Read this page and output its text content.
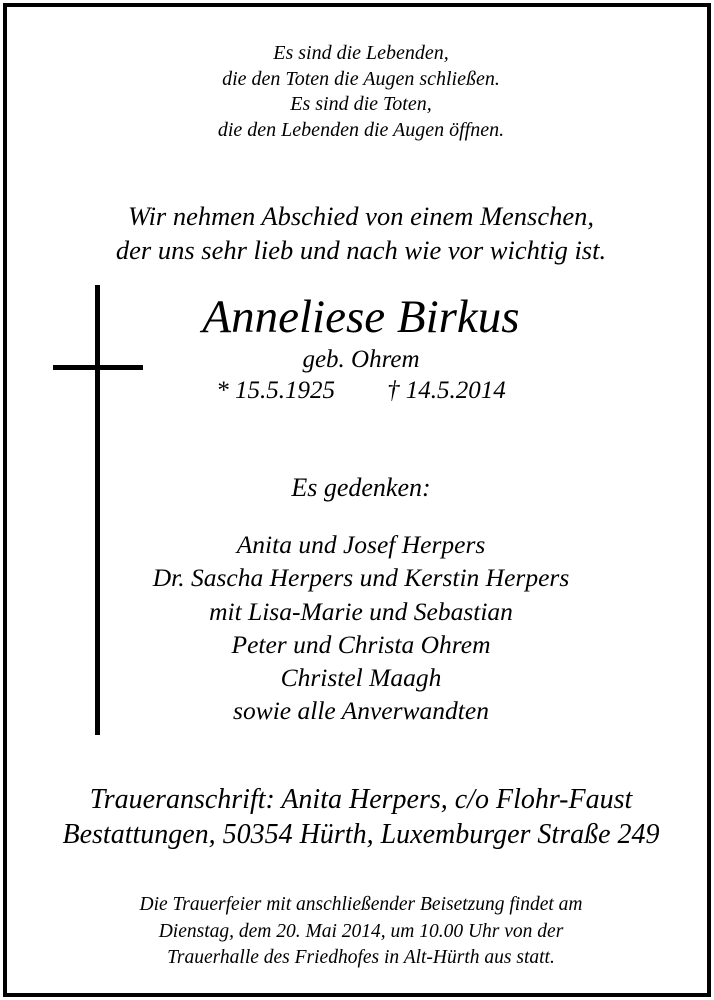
Es sind die Lebenden,
die den Toten die Augen schließen.
Es sind die Toten,
die den Lebenden die Augen öffnen.
Wir nehmen Abschied von einem Menschen,
der uns sehr lieb und nach wie vor wichtig ist.
Anneliese Birkus
geb. Ohrem
* 15.5.1925 † 14.5.2014
Es gedenken:
Anita und Josef Herpers
Dr. Sascha Herpers und Kerstin Herpers
mit Lisa-Marie und Sebastian
Peter und Christa Ohrem
Christel Maagh
sowie alle Anverwandten
Traueranschrift: Anita Herpers, c/o Flohr-Faust
Bestattungen, 50354 Hürth, Luxemburger Straße 249
Die Trauerfeier mit anschließender Beisetzung findet am
Dienstag, dem 20. Mai 2014, um 10.00 Uhr von der
Trauerhalle des Friedhofes in Alt-Hürth aus statt.
